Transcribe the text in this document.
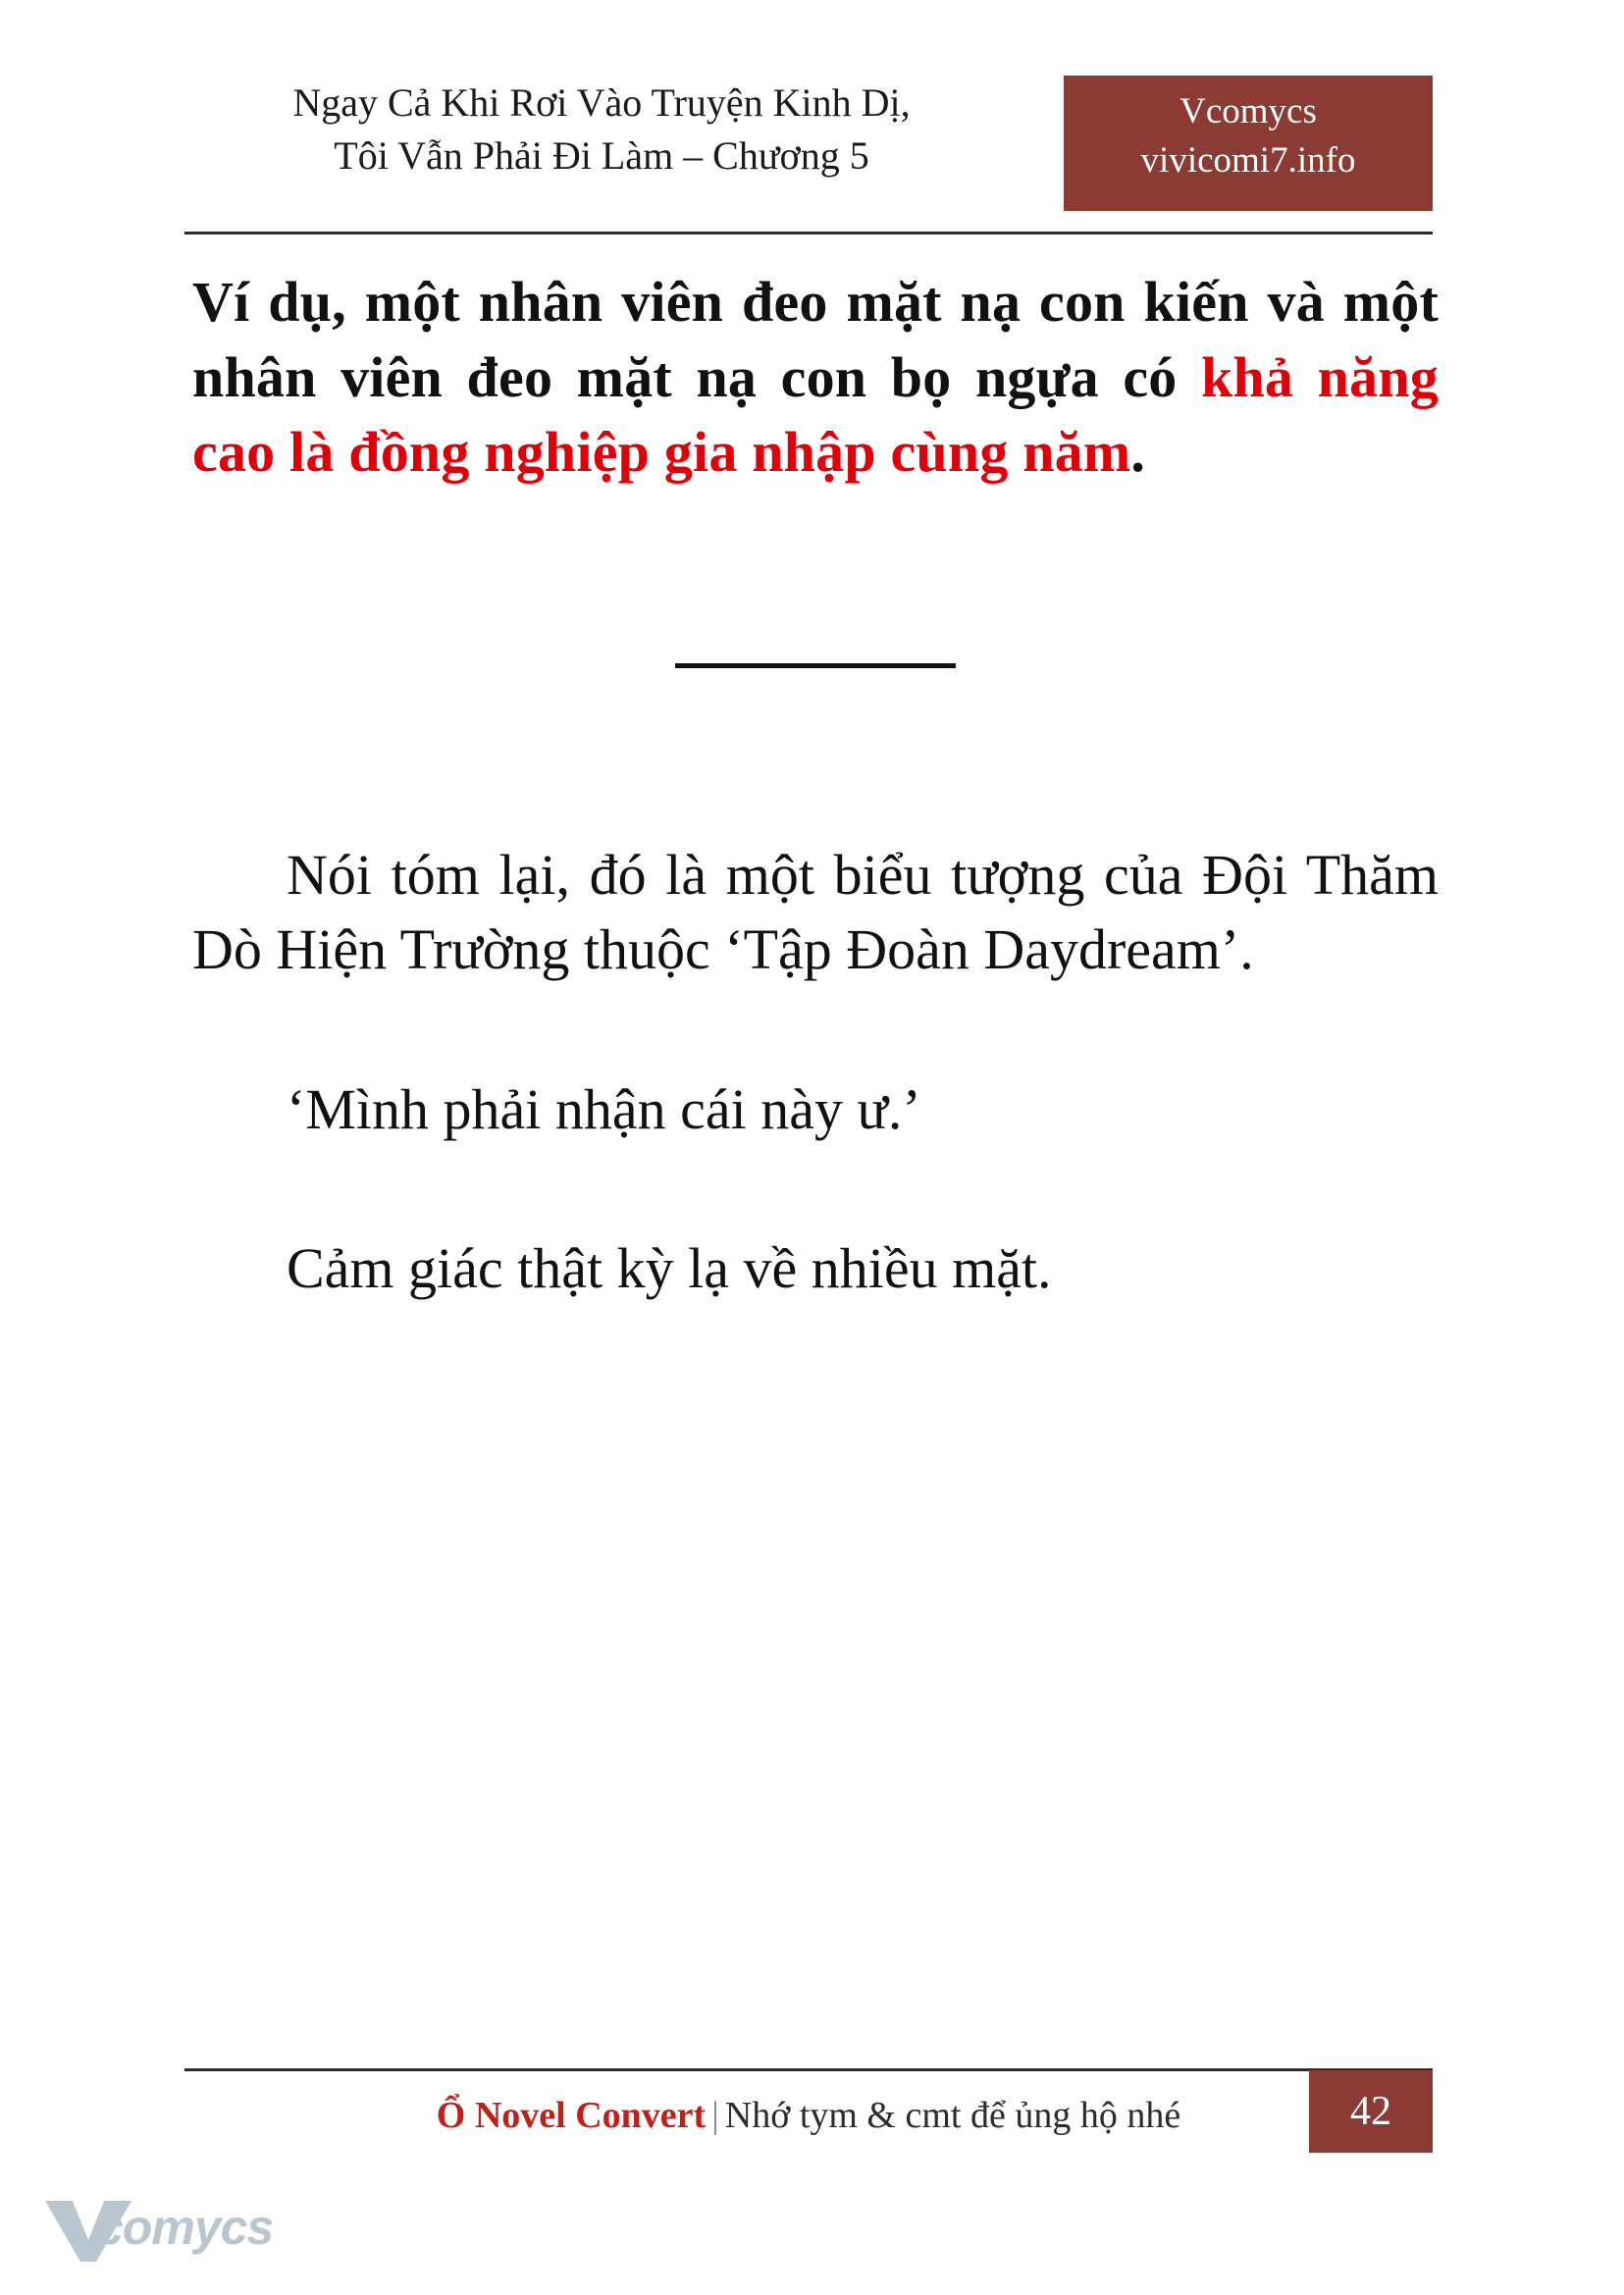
Ngay Cả Khi Rơi Vào Truyện Kinh Dị,
Tôi Vẫn Phải Đi Làm – Chương 5
Vcomycs
vivicomi7.info

Ví dụ, một nhân viên đeo mặt nạ con kiến và một nhân viên đeo mặt nạ con bọ ngựa có khả năng cao là đồng nghiệp gia nhập cùng năm.

Nói tóm lại, đó là một biểu tượng của Đội Thăm Dò Hiện Trường thuộc ‘Tập Đoàn Daydream’.

‘Mình phải nhận cái này ư.’

Cảm giác thật kỳ lạ về nhiều mặt.

Ổ Novel Convert | Nhớ tym & cmt để ủng hộ nhé	42
comycs
